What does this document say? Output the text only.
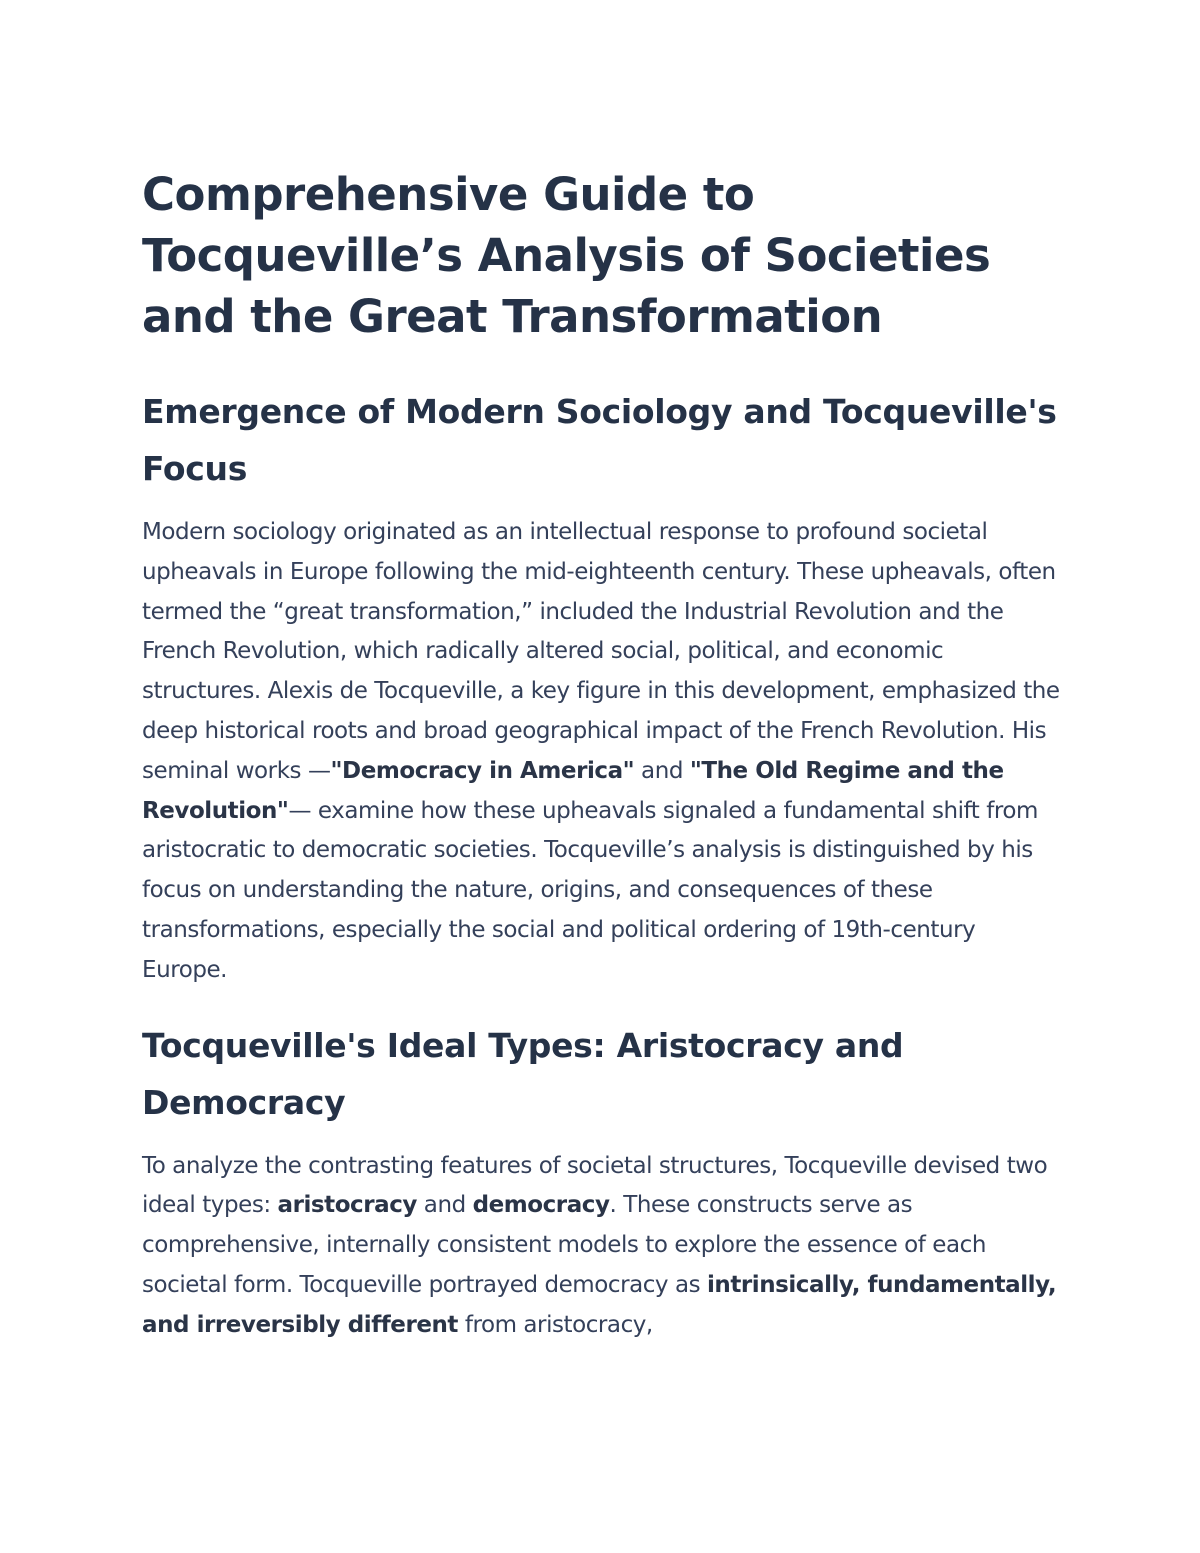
Comprehensive Guide to Tocqueville’s Analysis of Societies and the Great Transformation
Emergence of Modern Sociology and Tocqueville's Focus

Modern sociology originated as an intellectual response to profound societal upheavals in Europe following the mid-eighteenth century. These upheavals, often termed the “great transformation,” included the Industrial Revolution and the French Revolution, which radically altered social, political, and economic structures. Alexis de Tocqueville, a key figure in this development, emphasized the deep historical roots and broad geographical impact of the French Revolution. His seminal works —"Democracy in America" and "The Old Regime and the Revolution"— examine how these upheavals signaled a fundamental shift from aristocratic to democratic societies. Tocqueville’s analysis is distinguished by his focus on understanding the nature, origins, and consequences of these transformations, especially the social and political ordering of 19th-century Europe.

Tocqueville's Ideal Types: Aristocracy and Democracy

To analyze the contrasting features of societal structures, Tocqueville devised two ideal types: aristocracy and democracy. These constructs serve as comprehensive, internally consistent models to explore the essence of each societal form. Tocqueville portrayed democracy as intrinsically, fundamentally, and irreversibly different from aristocracy,
